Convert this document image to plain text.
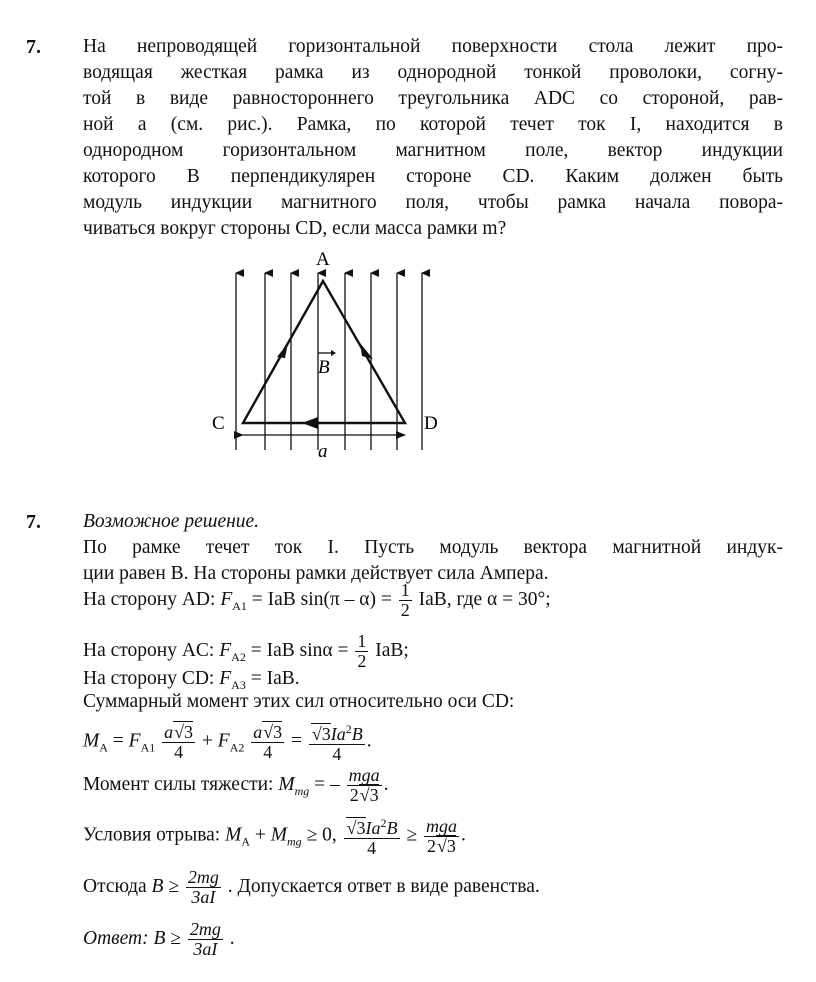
7. На непроводящей горизонтальной поверхности стола лежит про-
водящая жесткая рамка из однородной тонкой проволоки, согну-
той в виде равностороннего треугольника ADC со стороной, рав-
ной a (см. рис.). Рамка, по которой течет ток I, находится в
однородном горизонтальном магнитном поле, вектор индукции
которого B перпендикулярен стороне CD. Каким должен быть
модуль индукции магнитного поля, чтобы рамка начала повора-
чиваться вокруг стороны CD, если масса рамки m?
A
C	D
a
B
7. Возможное решение.
По рамке течет ток I. Пусть модуль вектора магнитной индук-
ции равен B. На стороны рамки действует сила Ампера.
На сторону AD: $F_{A1}$ = IaB $\sin(\pi - \alpha) = \frac{1}{2}$ IaB, где α = 30°;
На сторону AC: $F_{A2}$ = IaB $\sin\alpha = \frac{1}{2}$ IaB;
На сторону CD: $F_{A3}$ = IaB.
Суммарный момент этих сил относительно оси CD:
$M_A = F_{A1} \frac{a√3}{4} + F_{A2} \frac{a√3}{4} = \frac{√3Ia^2B}{4}$ .
Момент силы тяжести: $M_{mg}$ = – $\frac{\text{mga}}{2√3}$ .
Условия отрыва: $M_A + M_{mg} \ge 0$, $\frac{√3Ia^2B}{4} \ge \frac{\text{mga}}{2√3}$ .
Отсюда $B \ge \frac{2mg}{3aI}$ . Допускается ответ в виде равенства.
Ответ: $B \ge \frac{2mg}{3aI}$ .
